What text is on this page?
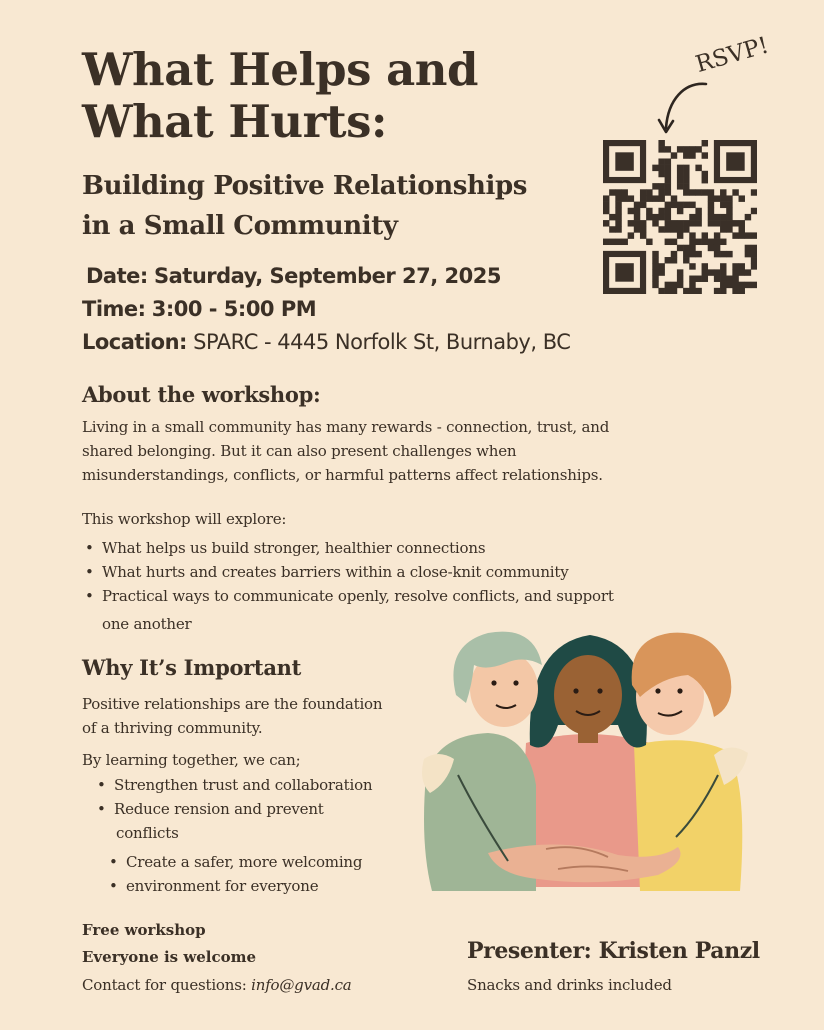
What Helps and
What Hurts:
Building Positive Relationships
in a Small Community
RSVP!
Date: Saturday, September 27, 2025
Time: 3:00 - 5:00 PM
Location: SPARC - 4445 Norfolk St, Burnaby, BC
About the workshop:
Living in a small community has many rewards - connection, trust, and
shared belonging. But it can also present challenges when
misunderstandings, conflicts, or harmful patterns affect relationships.
This workshop will explore:
• What helps us build stronger, healthier connections
• What hurts and creates barriers within a close-knit community
• Practical ways to communicate openly, resolve conflicts, and support
one another
Why It’s Important
Positive relationships are the foundation
of a thriving community.
By learning together, we can;
• Strengthen trust and collaboration
• Reduce rension and prevent
conflicts
• Create a safer, more welcoming
• environment for everyone
Free workshop
Everyone is welcome
Contact for questions: info@gvad.ca
Presenter: Kristen Panzl
Snacks and drinks included
